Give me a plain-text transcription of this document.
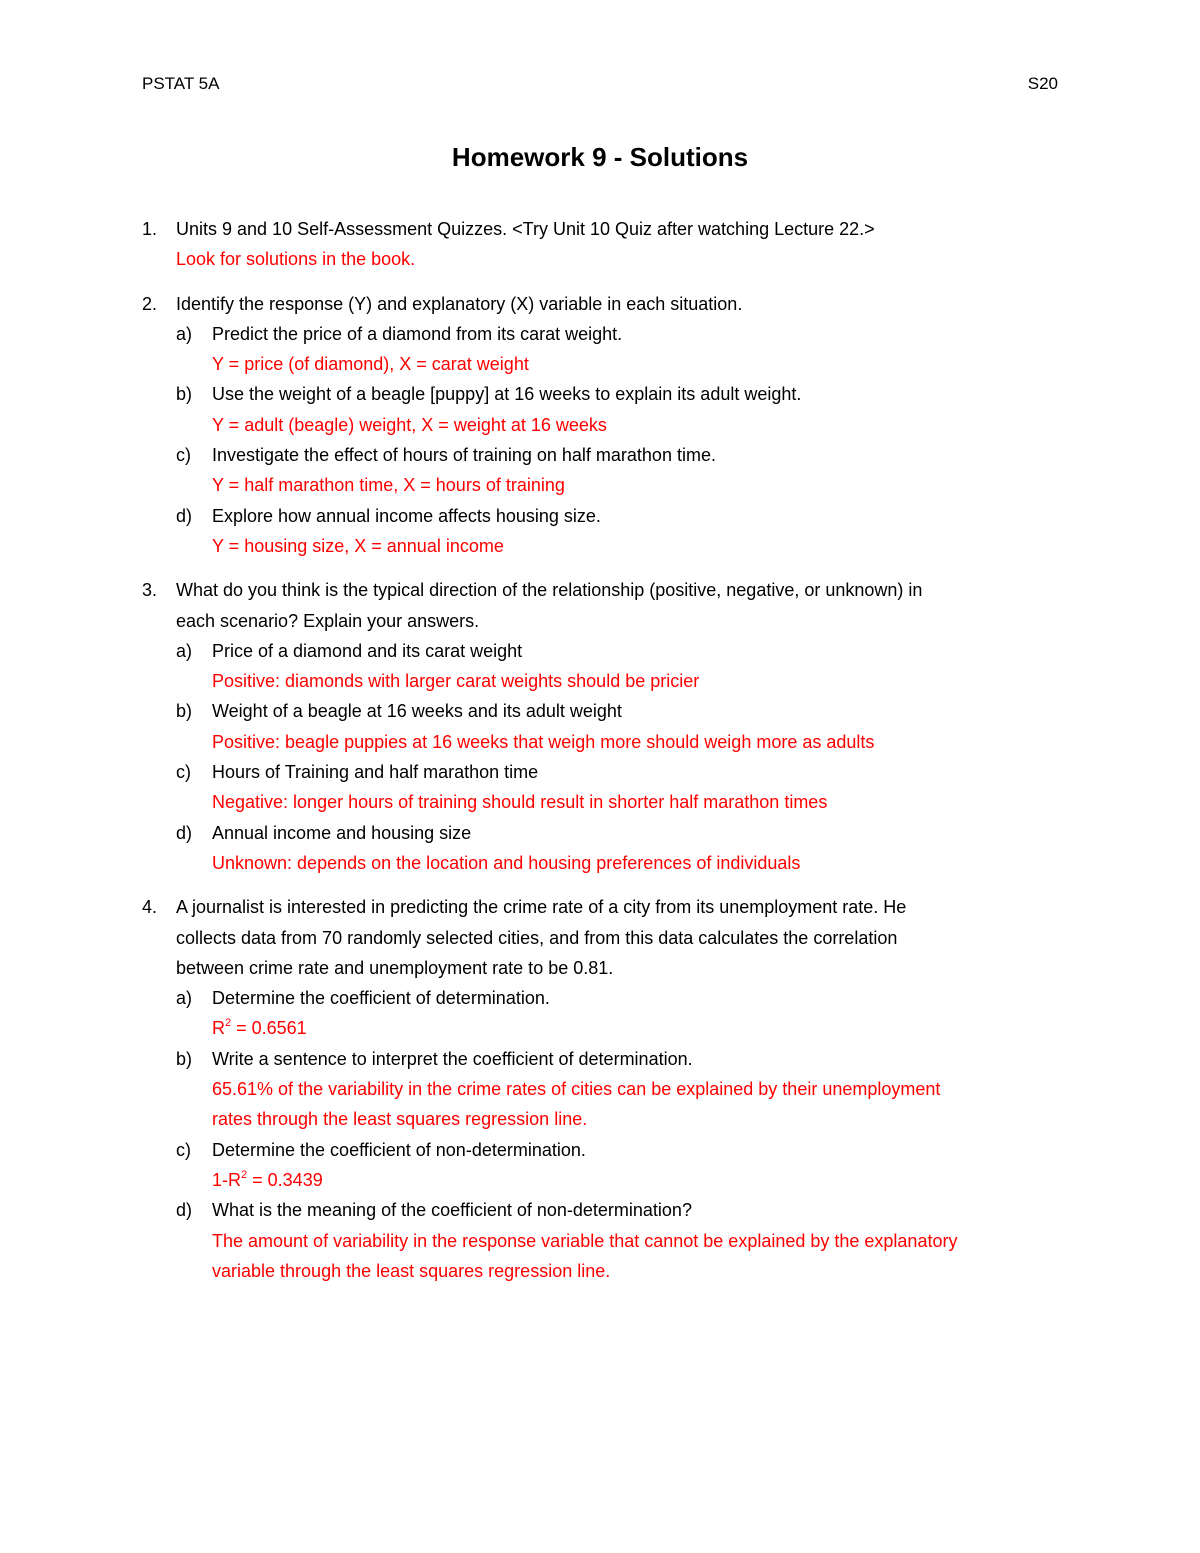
PSTAT 5A	S20
Homework 9 - Solutions
1. Units 9 and 10 Self-Assessment Quizzes. <Try Unit 10 Quiz after watching Lecture 22.>
Look for solutions in the book.
2. Identify the response (Y) and explanatory (X) variable in each situation.
a) Predict the price of a diamond from its carat weight.
Y = price (of diamond), X = carat weight
b) Use the weight of a beagle [puppy] at 16 weeks to explain its adult weight.
Y = adult (beagle) weight, X = weight at 16 weeks
c) Investigate the effect of hours of training on half marathon time.
Y = half marathon time, X = hours of training
d) Explore how annual income affects housing size.
Y = housing size, X = annual income
3. What do you think is the typical direction of the relationship (positive, negative, or unknown) in
each scenario? Explain your answers.
a) Price of a diamond and its carat weight
Positive: diamonds with larger carat weights should be pricier
b) Weight of a beagle at 16 weeks and its adult weight
Positive: beagle puppies at 16 weeks that weigh more should weigh more as adults
c) Hours of Training and half marathon time
Negative: longer hours of training should result in shorter half marathon times
d) Annual income and housing size
Unknown: depends on the location and housing preferences of individuals
4. A journalist is interested in predicting the crime rate of a city from its unemployment rate. He
collects data from 70 randomly selected cities, and from this data calculates the correlation
between crime rate and unemployment rate to be 0.81.
a) Determine the coefficient of determination.
$R^2 = 0.6561$
b) Write a sentence to interpret the coefficient of determination.
65.61% of the variability in the crime rates of cities can be explained by their unemployment
rates through the least squares regression line.
c) Determine the coefficient of non-determination.
$1-R^2 = 0.3439$
d) What is the meaning of the coefficient of non-determination?
The amount of variability in the response variable that cannot be explained by the explanatory
variable through the least squares regression line.
